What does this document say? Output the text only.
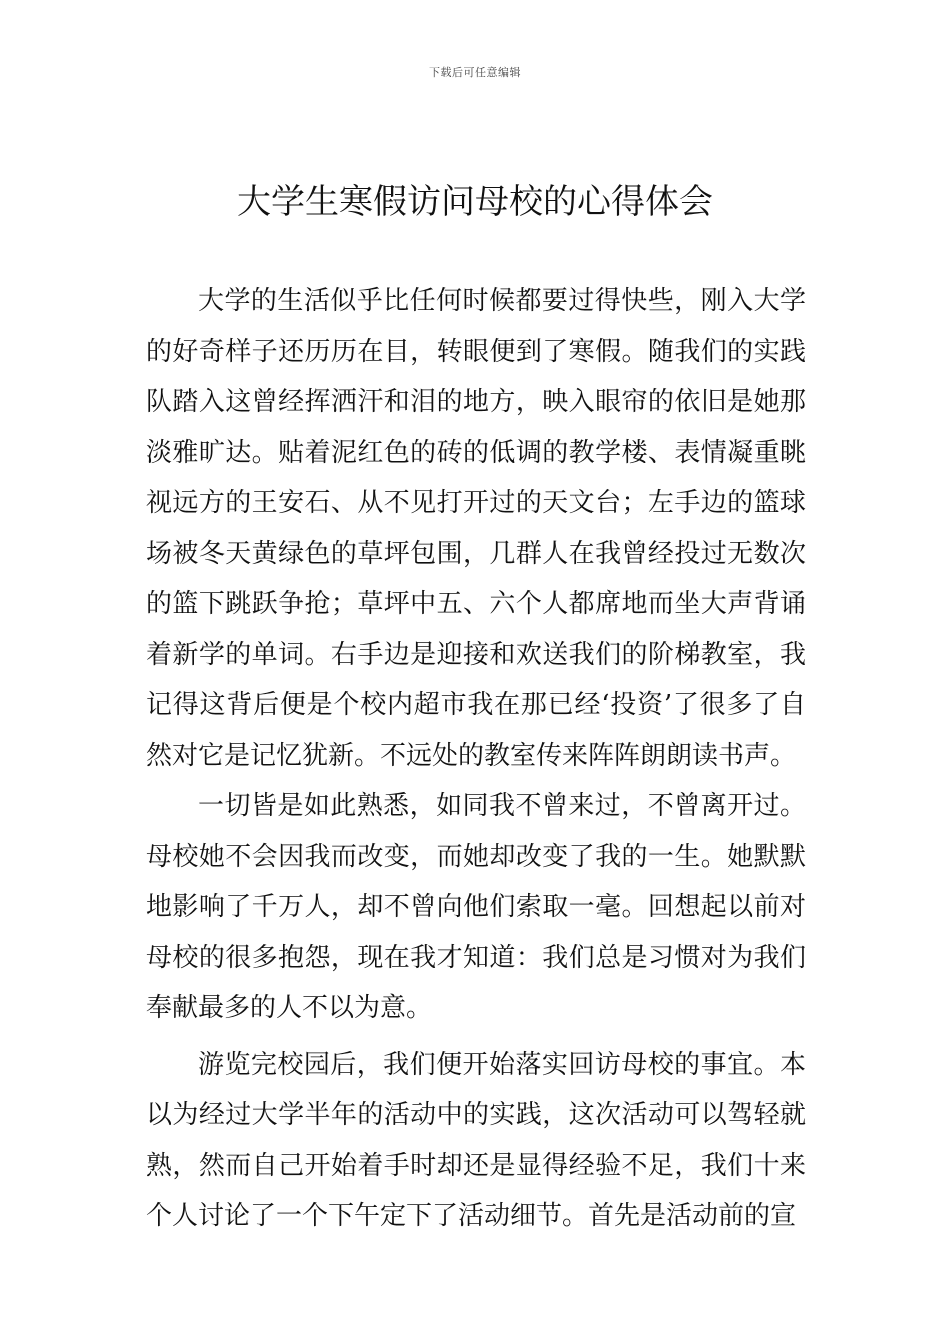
下载后可任意编辑
大学生寒假访问母校的心得体会

大学的生活似乎比任何时候都要过得快些，刚入大学的好奇样子还历历在目，转眼便到了寒假。随我们的实践队踏入这曾经挥洒汗和泪的地方，映入眼帘的依旧是她那淡雅旷达。贴着泥红色的砖的低调的教学楼、表情凝重眺视远方的王安石、从不见打开过的天文台；左手边的篮球场被冬天黄绿色的草坪包围，几群人在我曾经投过无数次的篮下跳跃争抢；草坪中五、六个人都席地而坐大声背诵着新学的单词。右手边是迎接和欢送我们的阶梯教室，我记得这背后便是个校内超市我在那已经‘投资’了很多了自然对它是记忆犹新。不远处的教室传来阵阵朗朗读书声。

一切皆是如此熟悉，如同我不曾来过，不曾离开过。母校她不会因我而改变，而她却改变了我的一生。她默默地影响了千万人，却不曾向他们索取一毫。回想起以前对母校的很多抱怨，现在我才知道：我们总是习惯对为我们奉献最多的人不以为意。

游览完校园后，我们便开始落实回访母校的事宜。本以为经过大学半年的活动中的实践，这次活动可以驾轻就熟，然而自己开始着手时却还是显得经验不足，我们十来个人讨论了一个下午定下了活动细节。首先是活动前的宣
